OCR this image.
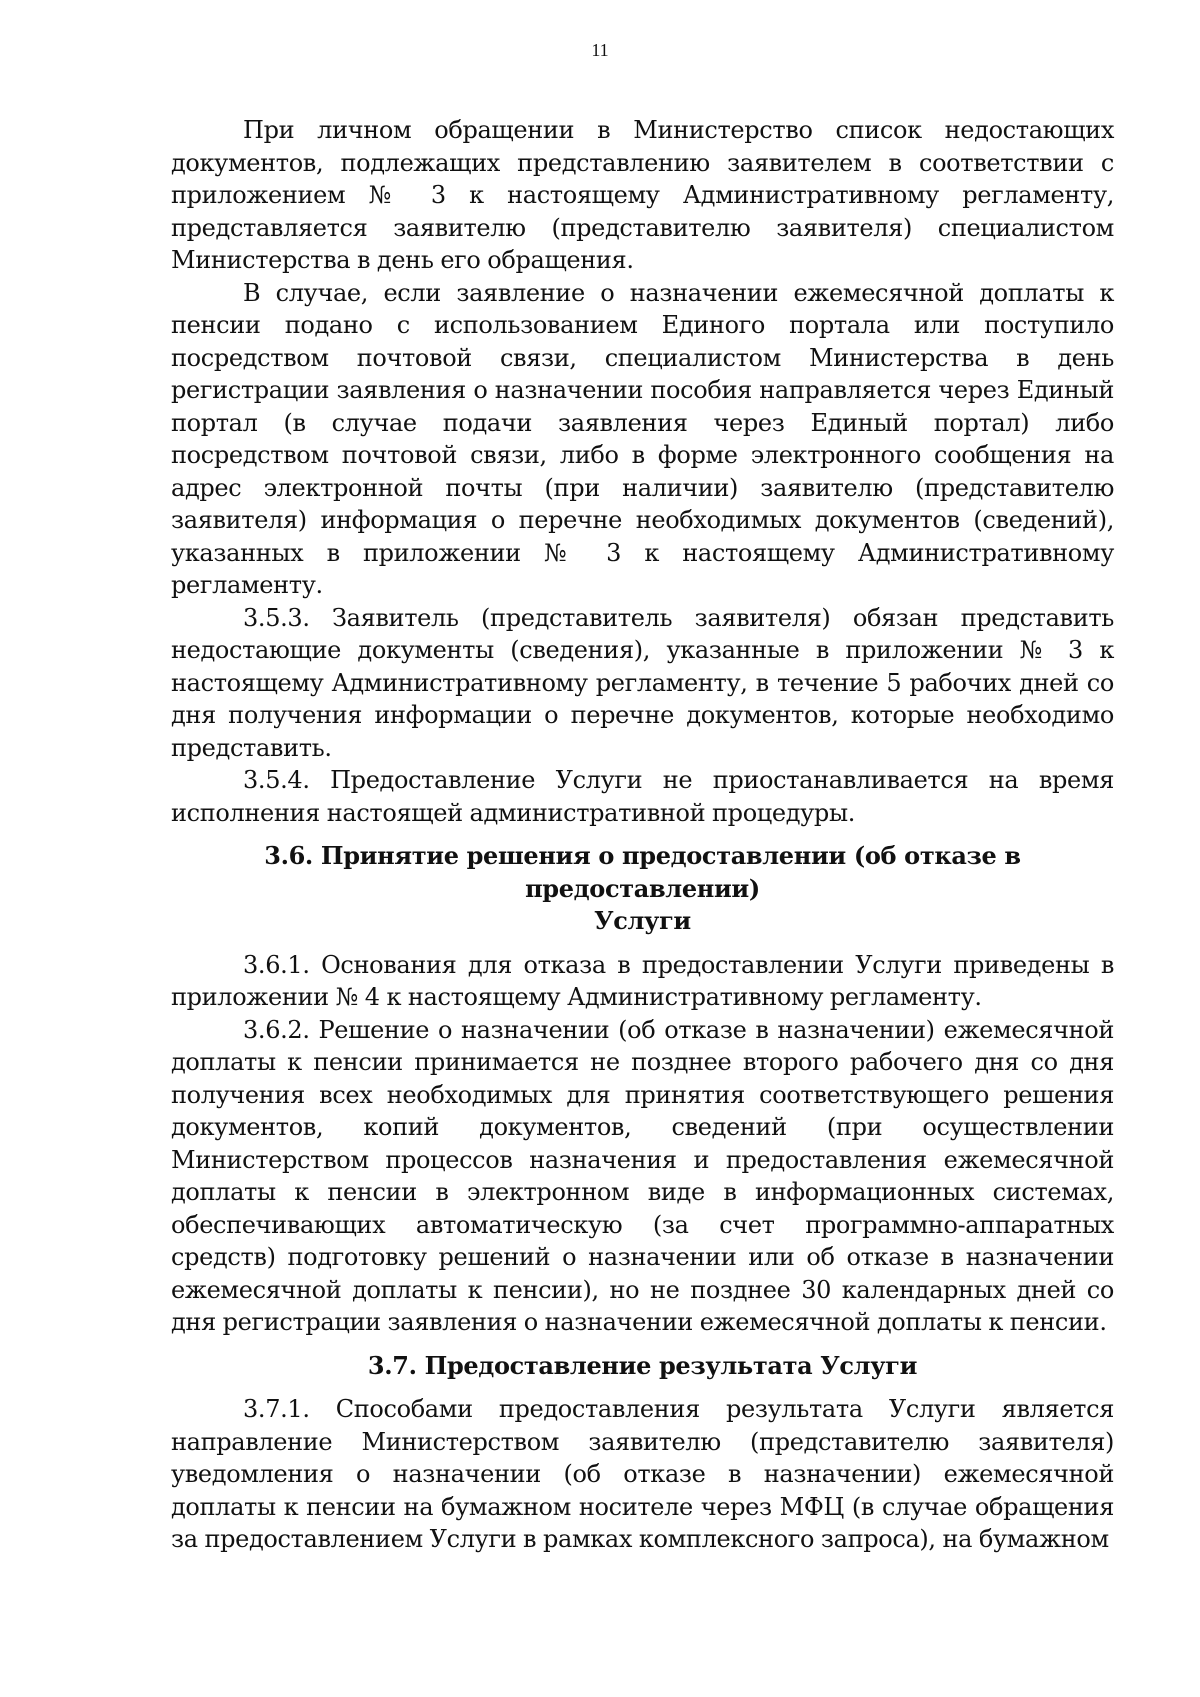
11

При личном обращении в Министерство список недостающих документов, подлежащих представлению заявителем в соответствии с приложением № 3 к настоящему Административному регламенту, представляется заявителю (представителю заявителя) специалистом Министерства в день его обращения.

В случае, если заявление о назначении ежемесячной доплаты к пенсии подано с использованием Единого портала или поступило посредством почтовой связи, специалистом Министерства в день регистрации заявления о назначении пособия направляется через Единый портал (в случае подачи заявления через Единый портал) либо посредством почтовой связи, либо в форме электронного сообщения на адрес электронной почты (при наличии) заявителю (представителю заявителя) информация о перечне необходимых документов (сведений), указанных в приложении № 3 к настоящему Административному регламенту.

3.5.3. Заявитель (представитель заявителя) обязан представить недостающие документы (сведения), указанные в приложении № 3 к настоящему Административному регламенту, в течение 5 рабочих дней со дня получения информации о перечне документов, которые необходимо представить.

3.5.4. Предоставление Услуги не приостанавливается на время исполнения настоящей административной процедуры.

3.6. Принятие решения о предоставлении (об отказе в предоставлении)
Услуги

3.6.1. Основания для отказа в предоставлении Услуги приведены в приложении № 4 к настоящему Административному регламенту.

3.6.2. Решение о назначении (об отказе в назначении) ежемесячной доплаты к пенсии принимается не позднее второго рабочего дня со дня получения всех необходимых для принятия соответствующего решения документов, копий документов, сведений (при осуществлении Министерством процессов назначения и предоставления ежемесячной доплаты к пенсии в электронном виде в информационных системах, обеспечивающих автоматическую (за счет программно-аппаратных средств) подготовку решений о назначении или об отказе в назначении ежемесячной доплаты к пенсии), но не позднее 30 календарных дней со дня регистрации заявления о назначении ежемесячной доплаты к пенсии.

3.7. Предоставление результата Услуги

3.7.1. Способами предоставления результата Услуги является направление Министерством заявителю (представителю заявителя) уведомления о назначении (об отказе в назначении) ежемесячной доплаты к пенсии на бумажном носителе через МФЦ (в случае обращения за предоставлением Услуги в рамках комплексного запроса), на бумажном
